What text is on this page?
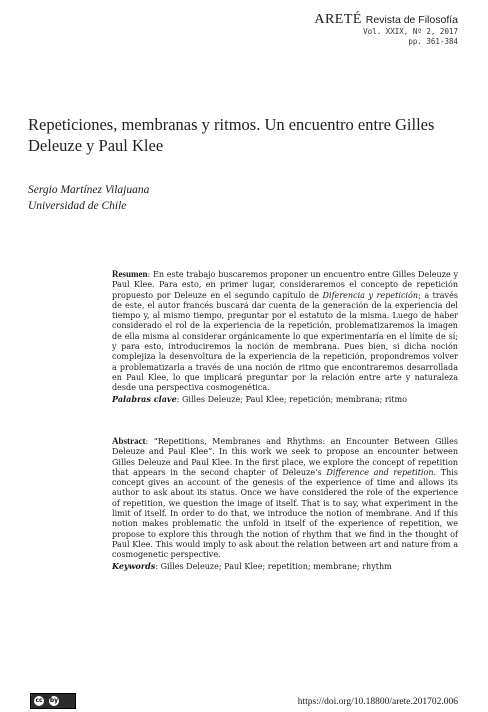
ARETÉ Revista de Filosofía
Vol. XXIX, Nº 2, 2017
pp. 361-384
Repeticiones, membranas y ritmos. Un encuentro entre Gilles Deleuze y Paul Klee
Sergio Martínez Vilajuana
Universidad de Chile
Resumen: En este trabajo buscaremos proponer un encuentro entre Gilles Deleuze y Paul Klee. Para esto, en primer lugar, consideraremos el concepto de repetición propuesto por Deleuze en el segundo capítulo de Diferencia y repetición; a través de este, el autor francés buscará dar cuenta de la generación de la experiencia del tiempo y, al mismo tiempo, preguntar por el estatuto de la misma. Luego de haber considerado el rol de la experiencia de la repetición, problematizaremos la imagen de ella misma al considerar orgánicamente lo que experimentaría en el límite de sí; y para esto, introduciremos la noción de membrana. Pues bien, si dicha noción complejiza la desenvoltura de la experiencia de la repetición, propondremos volver a problematizarla a través de una noción de ritmo que encontraremos desarrollada en Paul Klee, lo que implicará preguntar por la relación entre arte y naturaleza desde una perspectiva cosmogenética.
Palabras clave: Gilles Deleuze; Paul Klee; repetición; membrana; ritmo
Abstract: “Repetitions, Membranes and Rhythms: an Encounter Between Gilles Deleuze and Paul Klee”. In this work we seek to propose an encounter between Gilles Deleuze and Paul Klee. In the first place, we explore the concept of repetition that appears in the second chapter of Deleuze’s Difference and repetition. This concept gives an account of the genesis of the experience of time and allows its author to ask about its status. Once we have considered the role of the experience of repetition, we question the image of itself. That is to say, what experiment in the limit of itself. In order to do that, we introduce the notion of membrane. And if this notion makes problematic the unfold in itself of the experience of repetition, we propose to explore this through the notion of rhythm that we find in the thought of Paul Klee. This would imply to ask about the relation between art and nature from a cosmogenetic perspective.
Keywords: Gilles Deleuze; Paul Klee; repetition; membrane; rhythm
cc by	https://doi.org/10.18800/arete.201702.006
